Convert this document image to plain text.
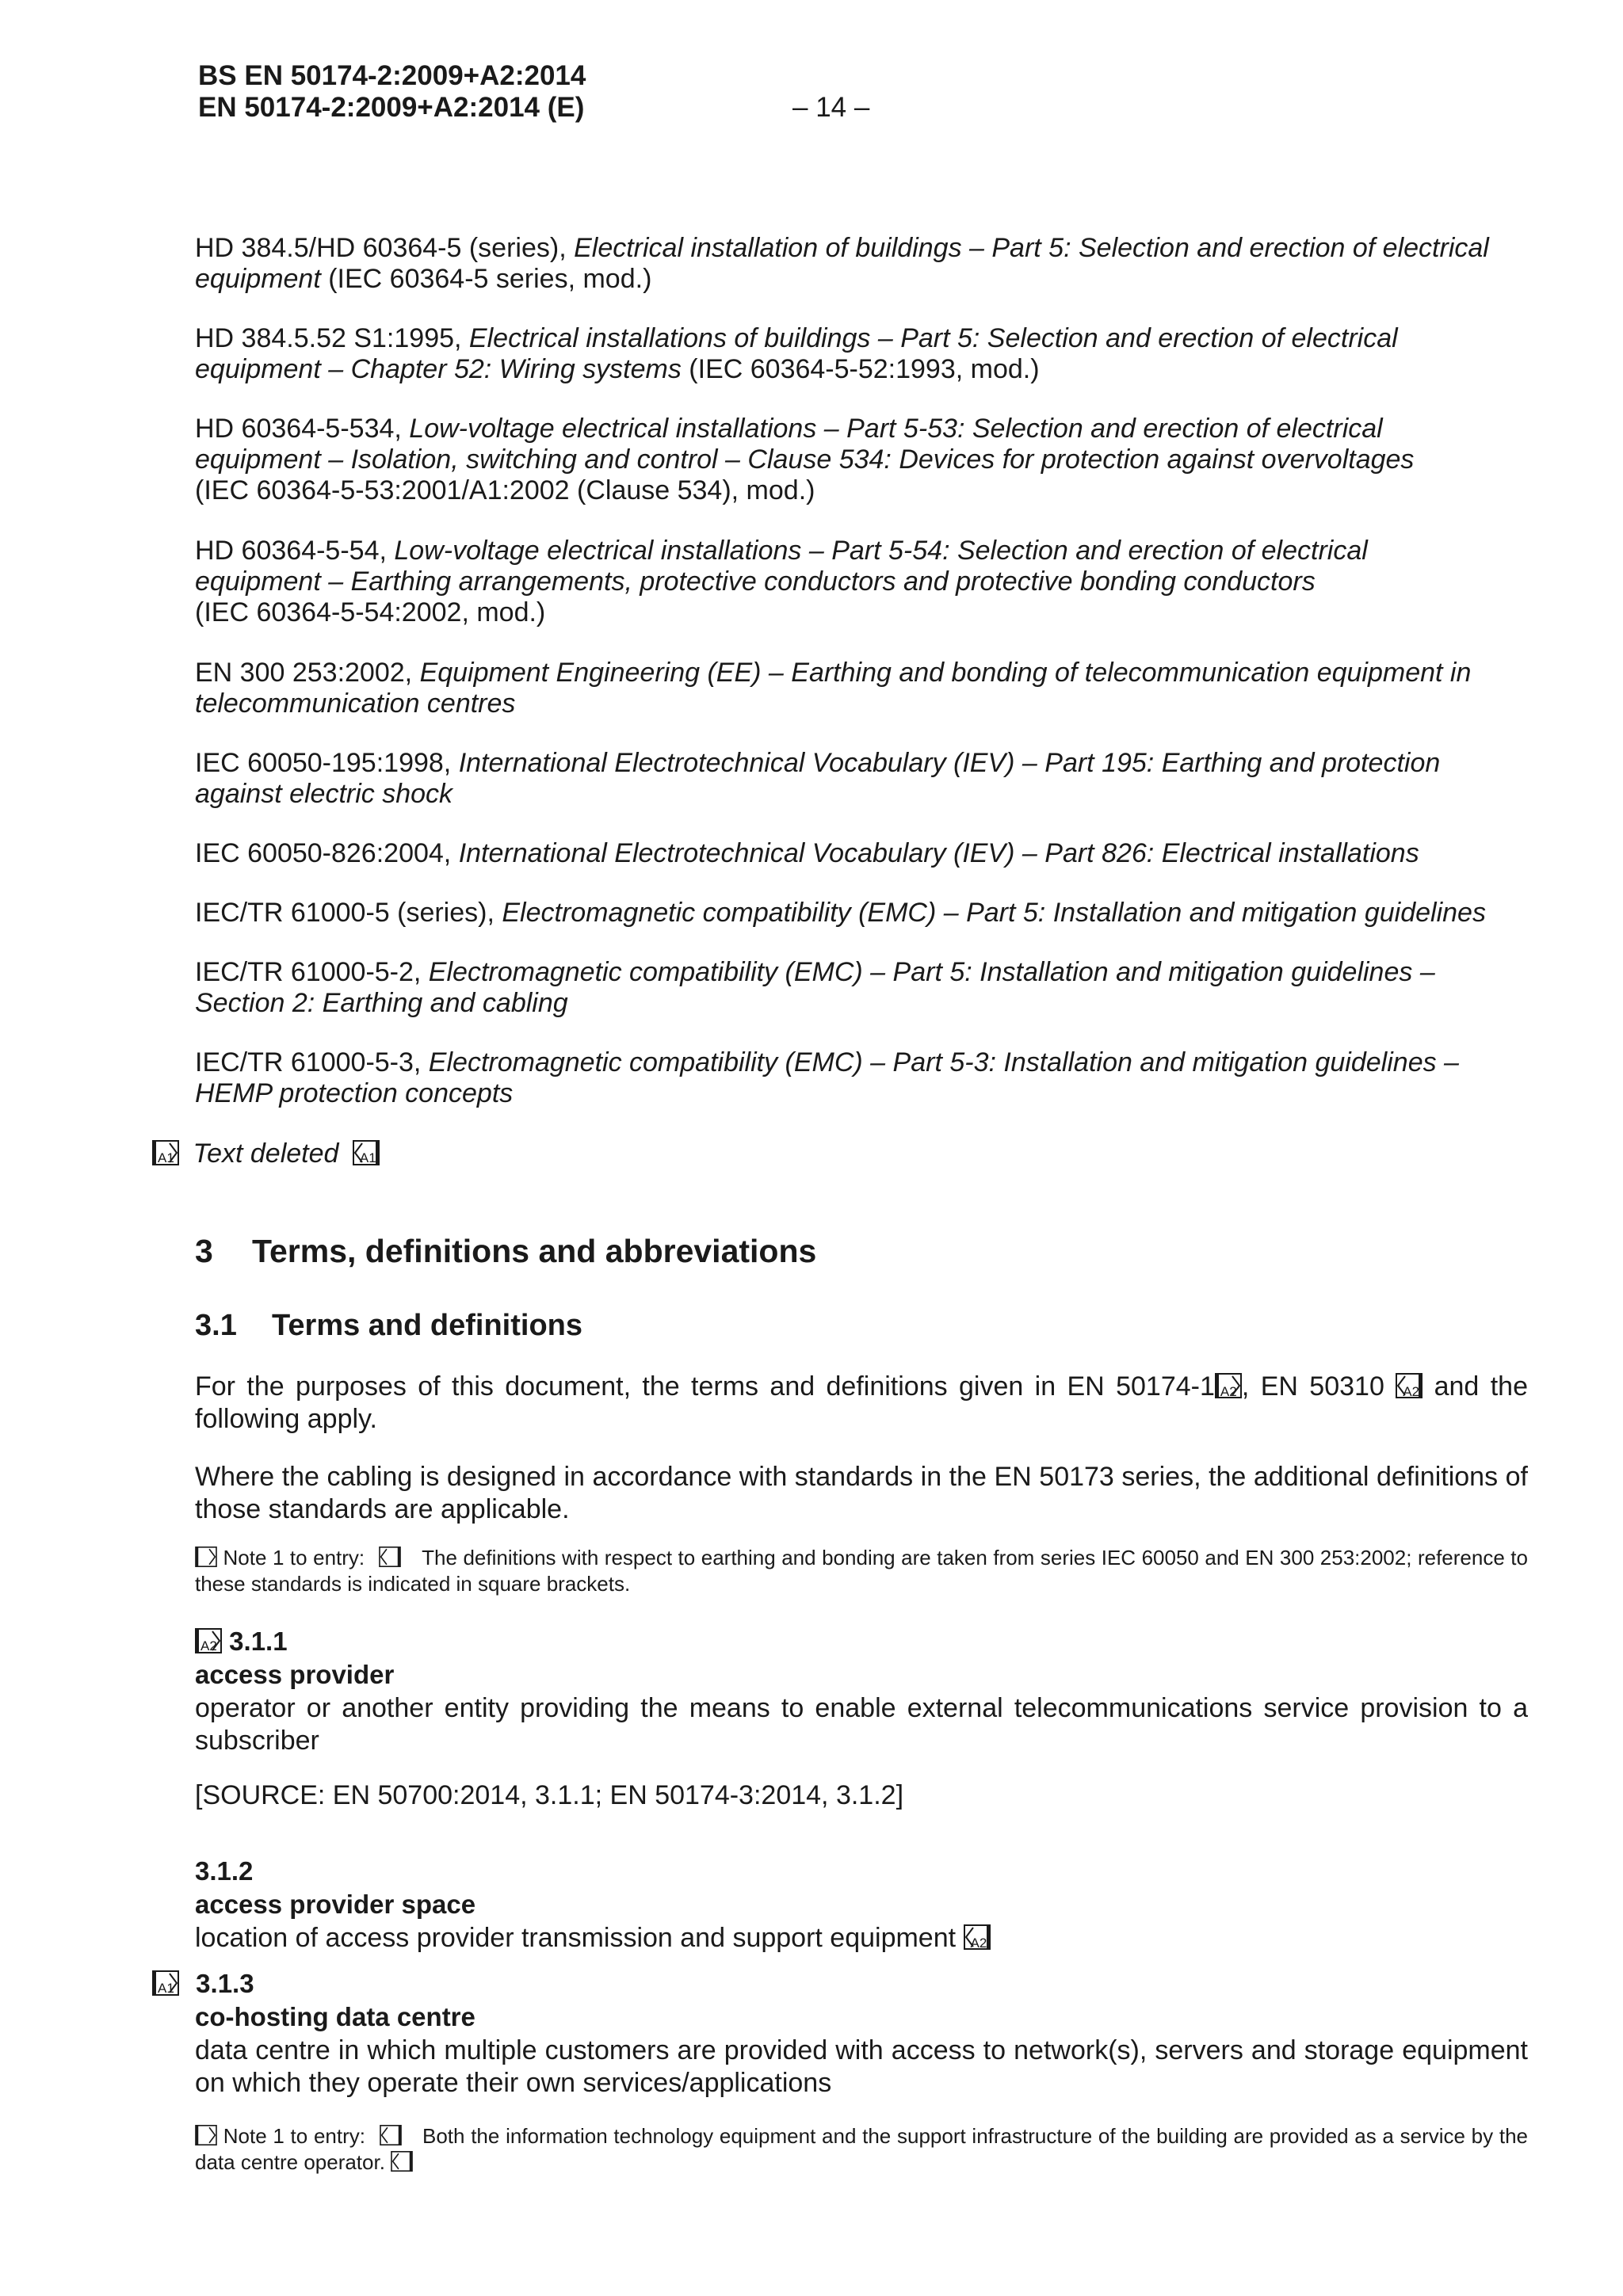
BS EN 50174-2:2009+A2:2014
EN 50174-2:2009+A2:2014 (E)	– 14 –
HD 384.5/HD 60364-5 (series), Electrical installation of buildings – Part 5: Selection and erection of electrical
equipment (IEC 60364-5 series, mod.)
HD 384.5.52 S1:1995, Electrical installations of buildings – Part 5: Selection and erection of electrical
equipment – Chapter 52: Wiring systems (IEC 60364-5-52:1993, mod.)
HD 60364-5-534, Low-voltage electrical installations – Part 5-53: Selection and erection of electrical
equipment – Isolation, switching and control – Clause 534: Devices for protection against overvoltages
(IEC 60364-5-53:2001/A1:2002 (Clause 534), mod.)
HD 60364-5-54, Low-voltage electrical installations – Part 5-54: Selection and erection of electrical
equipment – Earthing arrangements, protective conductors and protective bonding conductors
(IEC 60364-5-54:2002, mod.)
EN 300 253:2002, Equipment Engineering (EE) – Earthing and bonding of telecommunication equipment in
telecommunication centres
IEC 60050-195:1998, International Electrotechnical Vocabulary (IEV) – Part 195: Earthing and protection
against electric shock
IEC 60050-826:2004, International Electrotechnical Vocabulary (IEV) – Part 826: Electrical installations
IEC/TR 61000-5 (series), Electromagnetic compatibility (EMC) – Part 5: Installation and mitigation guidelines
IEC/TR 61000-5-2, Electromagnetic compatibility (EMC) – Part 5: Installation and mitigation guidelines –
Section 2: Earthing and cabling
IEC/TR 61000-5-3, Electromagnetic compatibility (EMC) – Part 5-3: Installation and mitigation guidelines –
HEMP protection concepts
A1 Text deleted A1
3 Terms, definitions and abbreviations
3.1 Terms and definitions
For the purposes of this document, the terms and definitions given in EN 50174-1 A2 , EN 50310 A2 and the following apply.
Where the cabling is designed in accordance with standards in the EN 50173 series, the additional definitions of those standards are applicable.
Note 1 to entry:	The definitions with respect to earthing and bonding are taken from series IEC 60050 and EN 300 253:2002; reference to these standards is indicated in square brackets.
A2 3.1.1
access provider
operator or another entity providing the means to enable external telecommunications service provision to a subscriber
[SOURCE: EN 50700:2014, 3.1.1; EN 50174-3:2014, 3.1.2]
3.1.2
access provider space
location of access provider transmission and support equipment A2
A1 3.1.3
co-hosting data centre
data centre in which multiple customers are provided with access to network(s), servers and storage equipment on which they operate their own services/applications
Note 1 to entry:	Both the information technology equipment and the support infrastructure of the building are provided as a service by the data centre operator.
